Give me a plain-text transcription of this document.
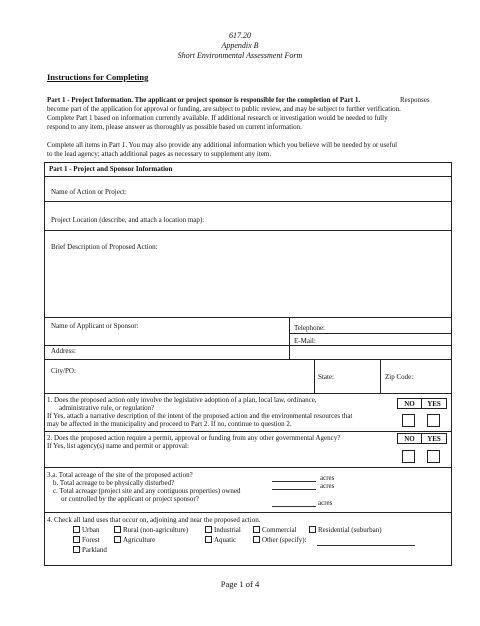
617.20
Appendix B
Short Environmental Assessment Form
Instructions for Completing
Part 1 - Project Information. The applicant or project sponsor is responsible for the completion of Part 1.	Responses
become part of the application for approval or funding, are subject to public review, and may be subject to further verification.
Complete Part 1 based on information currently available. If additional research or investigation would be needed to fully
respond to any item, please answer as thoroughly as possible based on current information.
Complete all items in Part 1. You may also provide any additional information which you believe will be needed by or useful
to the lead agency; attach additional pages as necessary to supplement any item.
Part 1 - Project and Sponsor Information
Name of Action or Project:
Project Location (describe, and attach a location map):
Brief Description of Proposed Action:
Name of Applicant or Sponsor:	Telephone:
E-Mail:
Address:
City/PO:
State:	Zip Code:
1. Does the proposed action only involve the legislative adoption of a plan, local law, ordinance,
administrative rule, or regulation?
If Yes, attach a narrative description of the intent of the proposed action and the environmental resources that
may be affected in the municipality and proceed to Part 2. If no, continue to question 2.
NO	YES
2. Does the proposed action require a permit, approval or funding from any other governmental Agency?
If Yes, list agency(s) name and permit or approval:
NO	YES
3.a. Total acreage of the site of the proposed action?
b. Total acreage to be physically disturbed?
c. Total acreage (project site and any contiguous properties) owned
or controlled by the applicant or project sponsor?
acres
acres
acres
4. Check all land uses that occur on, adjoining and near the proposed action.
Urban	Rural (non-agriculture)	Industrial	Commercial	Residential (suburban)
Forest	Agriculture	Aquatic	Other (specify):
Parkland
Page 1 of 4
